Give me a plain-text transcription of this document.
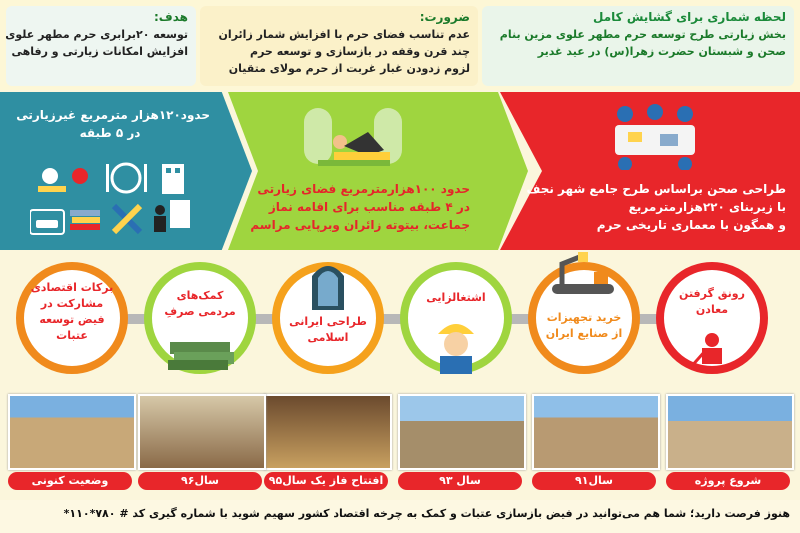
لحظه شماری برای گشایش کامل
بخش زیارتی طرح توسعه حرم مطهر علوی مزین بنام
صحن و شبستان حضرت زهرا(س) در عید غدیر
ضرورت:
عدم تناسب فضای حرم با افزایش شمار زائران
چند قرن وقفه در بازسازی و توسعه حرم
لزوم زدودن غبار غربت از حرم مولای متقیان
هدف:
توسعه ۲۰برابری حرم مطهر علوی
افزایش امکانات زیارتی و رفاهی
طراحی صحن براساس طرح جامع شهر نجف
با زیربنای ۲۲۰هزارمترمربع
و همگون با معماری تاریخی حرم
حدود ۱۰۰هزارمترمربع فضای زیارتی
در ۴ طبقه مناسب برای اقامه نماز
جماعت، بیتوته زائران وبرپایی مراسم
حدود۱۲۰هزار مترمربع غیرزیارتی
در ۵ طبقه
رونق گرفتن
معادن
خرید تجهیزات
از صنایع ایران
اشتغالزایی
طراحی ایرانی
اسلامی
کمک‌های
مردمی صرفِ
برکات اقتصادی
مشارکت در
فیض توسعه
عتبات
شروع پروژه
سال۹۱
سال ۹۳
افتتاح فاز یک سال۹۵
سال۹۶
وضعیت کنونی
هنوز فرصت دارید؛ شما هم می‌توانید در فیض بازسازی عتبات و کمک به چرخه اقتصاد کشور سهیم شوید با شماره گیری کد # ۷۸۰*۱۱۰*
